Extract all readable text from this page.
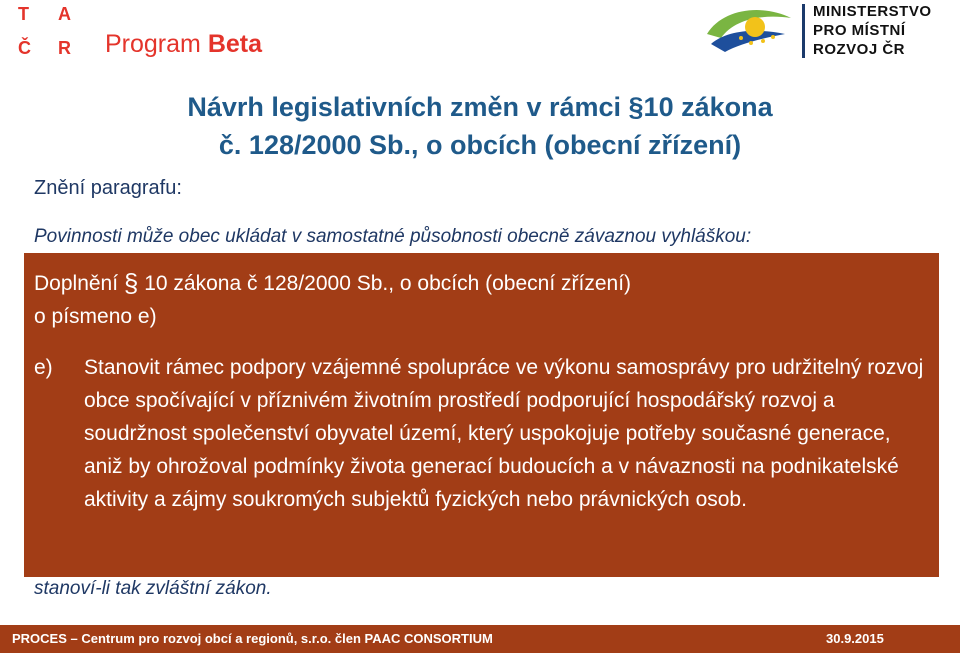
T A
Č R Program Beta
MINISTERSTVO
PRO MÍSTNÍ
ROZVOJ ČR
Návrh legislativních změn v rámci §10 zákona
č. 128/2000 Sb., o obcích (obecní zřízení)
Znění paragrafu:
Povinnosti může obec ukládat v samostatné působnosti obecně závaznou vyhláškou:
stanoví-li tak zvláštní zákon.
Doplnění § 10 zákona č 128/2000 Sb., o obcích (obecní zřízení)
o písmeno e)
e) Stanovit rámec podpory vzájemné spolupráce ve výkonu samosprávy pro udržitelný rozvoj obce spočívající v příznivém životním prostředí podporující hospodářský rozvoj a soudržnost společenství obyvatel území, který uspokojuje potřeby současné generace, aniž by ohrožoval podmínky života generací budoucích a v návaznosti na podnikatelské aktivity a zájmy soukromých subjektů fyzických nebo právnických osob.
PROCES – Centrum pro rozvoj obcí a regionů, s.r.o. člen PAAC CONSORTIUM	30.9.2015
